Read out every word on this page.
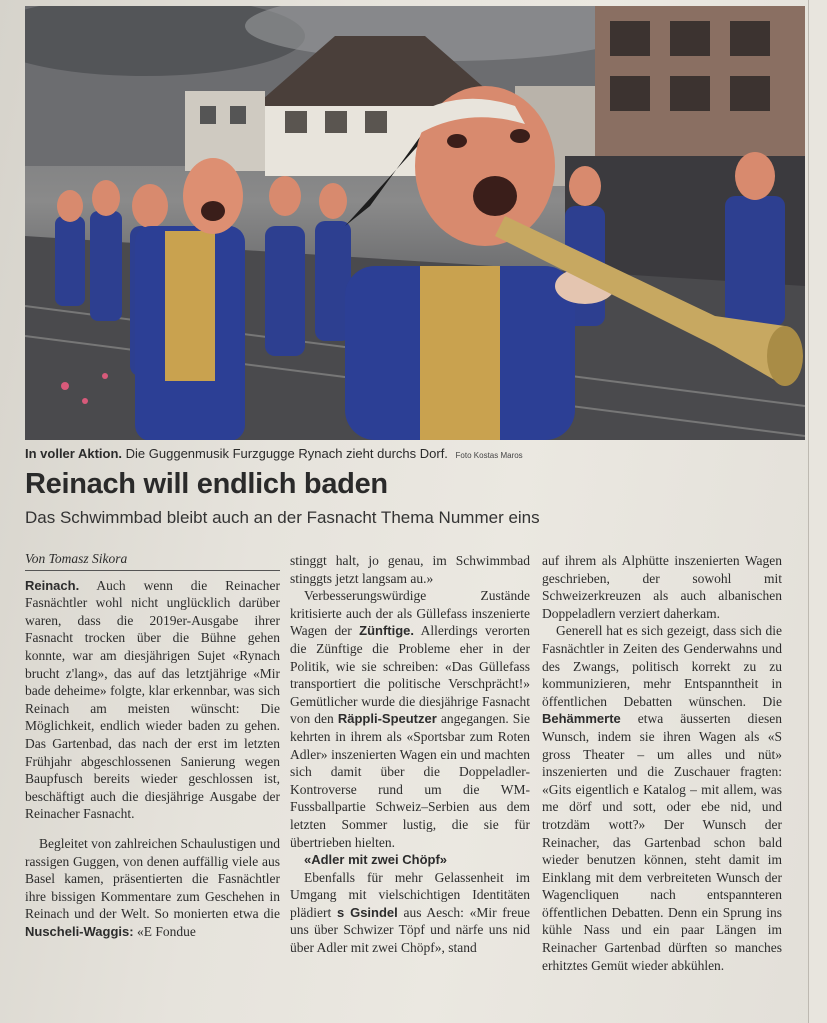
In voller Aktion. Die Guggenmusik Furzgugge Rynach zieht durchs Dorf. Foto Kostas Maros
Reinach will endlich baden
Das Schwimmbad bleibt auch an der Fasnacht Thema Nummer eins
Von Tomasz Sikora

Reinach. Auch wenn die Reinacher Fasnächtler wohl nicht unglücklich darüber waren, dass die 2019er-Ausgabe ihrer Fasnacht trocken über die Bühne gehen konnte, war am diesjährigen Sujet «Rynach brucht z'lang», das auf das letztjährige «Mir bade deheime» folgte, klar erkennbar, was sich Reinach am meisten wünscht: Die Möglichkeit, endlich wieder baden zu gehen. Das Gartenbad, das nach der erst im letzten Frühjahr abgeschlossenen Sanierung wegen Baupfusch bereits wieder geschlossen ist, beschäftigt auch die diesjährige Ausgabe der Reinacher Fasnacht.

Begleitet von zahlreichen Schaulustigen und rassigen Guggen, von denen auffällig viele aus Basel kamen, präsentierten die Fasnächtler ihre bissigen Kommentare zum Geschehen in Reinach und der Welt. So monierten etwa die Nuscheli-Waggis: «E Fondue

stinggt halt, jo genau, im Schwimmbad stinggts jetzt langsam au.»

Verbesserungswürdige Zustände kritisierte auch der als Güllefass inszenierte Wagen der Zünftige. Allerdings verorten die Zünftige die Probleme eher in der Politik, wie sie schreiben: «Das Güllefass transportiert die politische Verschprächt!» Gemütlicher wurde die diesjährige Fasnacht von den Räppli-Speutzer angegangen. Sie kehrten in ihrem als «Sportsbar zum Roten Adler» inszenierten Wagen ein und machten sich damit über die Doppeladler-Kontroverse rund um die WM-Fussballpartie Schweiz–Serbien aus dem letzten Sommer lustig, die sie für übertrieben hielten.

«Adler mit zwei Chöpf»

Ebenfalls für mehr Gelassenheit im Umgang mit vielschichtigen Identitäten plädiert s Gsindel aus Aesch: «Mir freue uns über Schwizer Töpf und närfe uns nid über Adler mit zwei Chöpf», stand

auf ihrem als Alphütte inszenierten Wagen geschrieben, der sowohl mit Schweizerkreuzen als auch albanischen Doppeladlern verziert daherkam.

Generell hat es sich gezeigt, dass sich die Fasnächtler in Zeiten des Genderwahns und des Zwangs, politisch korrekt zu zu kommunizieren, mehr Entspanntheit in öffentlichen Debatten wünschen. Die Behämmerte etwa äusserten diesen Wunsch, indem sie ihren Wagen als «S gross Theater – um alles und nüt» inszenierten und die Zuschauer fragten: «Gits eigentlich e Katalog – mit allem, was me dörf und sott, oder ebe nid, und trotzdäm wott?» Der Wunsch der Reinacher, das Gartenbad schon bald wieder benutzen können, steht damit im Einklang mit dem verbreiteten Wunsch der Wagencliquen nach entspannteren öffentlichen Debatten. Denn ein Sprung ins kühle Nass und ein paar Längen im Reinacher Gartenbad dürften so manches erhitztes Gemüt wieder abkühlen.
